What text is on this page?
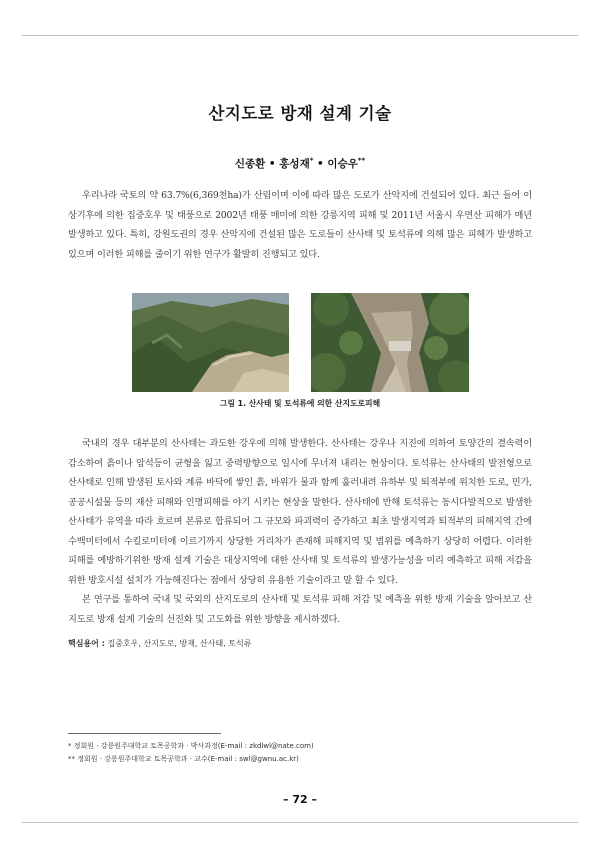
산지도로 방재 설계 기술
신종환 • 홍성재* • 이승우**

우리나라 국토의 약 63.7%(6,369천ha)가 산림이며 이에 따라 많은 도로가 산악지에 건설되어 있다. 최근 들어 이상기후에 의한 집중호우 및 태풍으로 2002년 태풍 매미에 의한 강릉지역 피해 및 2011년 서울시 우면산 피해가 매년 발생하고 있다. 특히, 강원도권의 경우 산악지에 건설된 많은 도로들이 산사태 및 토석류에 의해 많은 피해가 발생하고 있으며 이러한 피해를 줄이기 위한 연구가 활발히 진행되고 있다.

그림 1. 산사태 및 토석류에 의한 산지도로피해

국내의 경우 대부분의 산사태는 과도한 강우에 의해 발생한다. 산사태는 강우나 지진에 의하여 토양간의 결속력이 감소하여 흙이나 암석등이 균형을 잃고 중력방향으로 일시에 무너져 내리는 현상이다. 토석류는 산사태의 발전형으로 산사태로 인해 발생된 토사와 계류 바닥에 쌓인 흙, 바위가 물과 함께 흘러내려 유하부 및 퇴적부에 위치한 도로, 민가, 공공시설물 등의 재산 피해와 인명피해를 야기 시키는 현상을 말한다. 산사태에 반해 토석류는 동시다발적으로 발생한 산사태가 유역을 따라 흐르며 본류로 합류되어 그 규모와 파괴력이 증가하고 최초 발생지역과 퇴적부의 피해지역 간에 수백미터에서 수킬로미터에 이르기까지 상당한 거리차가 존재해 피해지역 및 범위를 예측하기 상당히 어렵다. 이러한 피해를 예방하기위한 방재 설계 기술은 대상지역에 대한 산사태 및 토석류의 발생가능성을 미리 예측하고 피해 저감을 위한 방호시설 설치가 가능해진다는 점에서 상당히 유용한 기술이라고 말 할 수 있다.

본 연구를 통하여 국내 및 국외의 산지도로의 산사태 및 토석류 피해 저감 및 예측을 위한 방재 기술을 알아보고 산지도로 방재 설계 기술의 선진화 및 고도화를 위한 방향을 제시하겠다.

핵심용어 : 집중호우, 산지도로, 방재, 산사태, 토석류
* 정회원 · 강릉원주대학교 토목공학과 · 박사과정(E-mail : zkdlwl@nate.com)
** 정회원 · 강릉원주대학교 토목공학과 · 교수(E-mail : swl@gwnu.ac.kr)
– 72 –
